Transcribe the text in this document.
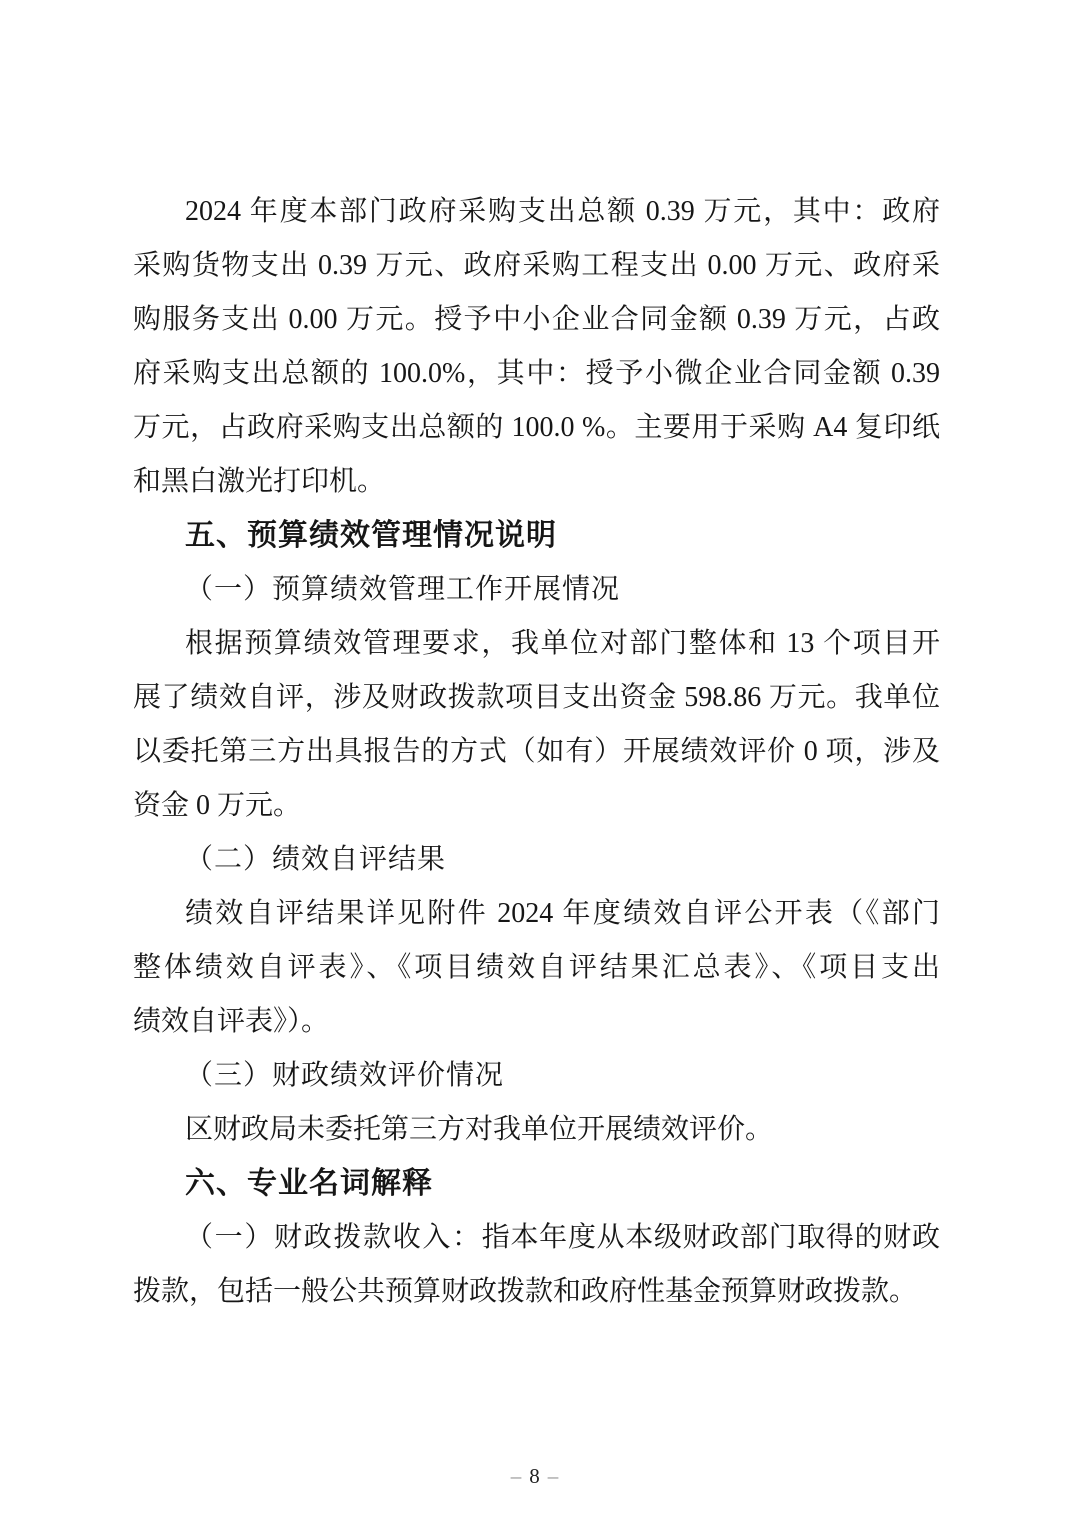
2024 年度本部门政府采购支出总额 0.39 万元，其中：政府
采购货物支出 0.39 万元、政府采购工程支出 0.00 万元、政府采
购服务支出 0.00 万元。授予中小企业合同金额 0.39 万元，占政
府采购支出总额的 100.0%，其中：授予小微企业合同金额 0.39
万元，占政府采购支出总额的 100.0 %。主要用于采购 A4 复印纸
和黑白激光打印机。
五、预算绩效管理情况说明
（一）预算绩效管理工作开展情况
根据预算绩效管理要求，我单位对部门整体和 13 个项目开
展了绩效自评，涉及财政拨款项目支出资金 598.86 万元。我单位
以委托第三方出具报告的方式（如有）开展绩效评价 0 项，涉及
资金 0 万元。
（二）绩效自评结果
绩效自评结果详见附件 2024 年度绩效自评公开表（《部门
整体绩效自评表》、《项目绩效自评结果汇总表》、《项目支出
绩效自评表》）。
（三）财政绩效评价情况
区财政局未委托第三方对我单位开展绩效评价。
六、专业名词解释
（一）财政拨款收入：指本年度从本级财政部门取得的财政
拨款，包括一般公共预算财政拨款和政府性基金预算财政拨款。
– 8 –
